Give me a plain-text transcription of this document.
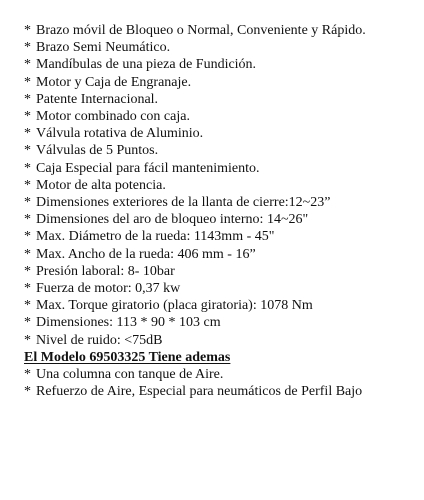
* Brazo móvil de Bloqueo o Normal, Conveniente y Rápido.
* Brazo Semi Neumático.
* Mandíbulas de una pieza de Fundición.
* Motor y Caja de Engranaje.
* Patente Internacional.
* Motor combinado con caja.
* Válvula rotativa de Aluminio.
* Válvulas de 5 Puntos.
* Caja Especial para fácil mantenimiento.
* Motor de alta potencia.
* Dimensiones exteriores de la llanta de cierre:12~23”
* Dimensiones del aro de bloqueo interno: 14~26"
* Max. Diámetro de la rueda: 1143mm - 45"
* Max. Ancho de la rueda: 406 mm - 16”
* Presión laboral: 8- 10bar
* Fuerza de motor: 0,37 kw
* Max. Torque giratorio (placa giratoria): 1078 Nm
* Dimensiones: 113 * 90 * 103 cm
* Nivel de ruido: <75dB
El Modelo 69503325 Tiene ademas
* Una columna con tanque de Aire.
* Refuerzo de Aire, Especial para neumáticos de Perfil Bajo
